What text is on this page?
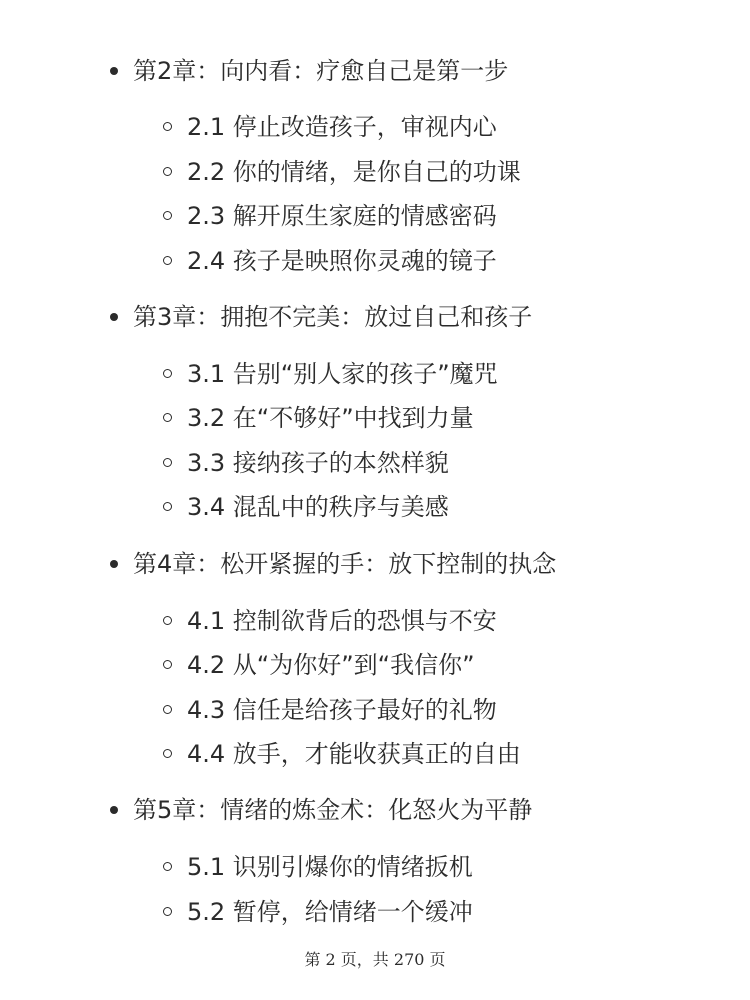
第2章：向内看：疗愈自己是第一步
2.1 停止改造孩子，审视内心
2.2 你的情绪，是你自己的功课
2.3 解开原生家庭的情感密码
2.4 孩子是映照你灵魂的镜子
第3章：拥抱不完美：放过自己和孩子
3.1 告别“别人家的孩子”魔咒
3.2 在“不够好”中找到力量
3.3 接纳孩子的本然样貌
3.4 混乱中的秩序与美感
第4章：松开紧握的手：放下控制的执念
4.1 控制欲背后的恐惧与不安
4.2 从“为你好”到“我信你”
4.3 信任是给孩子最好的礼物
4.4 放手，才能收获真正的自由
第5章：情绪的炼金术：化怒火为平静
5.1 识别引爆你的情绪扳机
5.2 暂停，给情绪一个缓冲
第 2 页，共 270 页
